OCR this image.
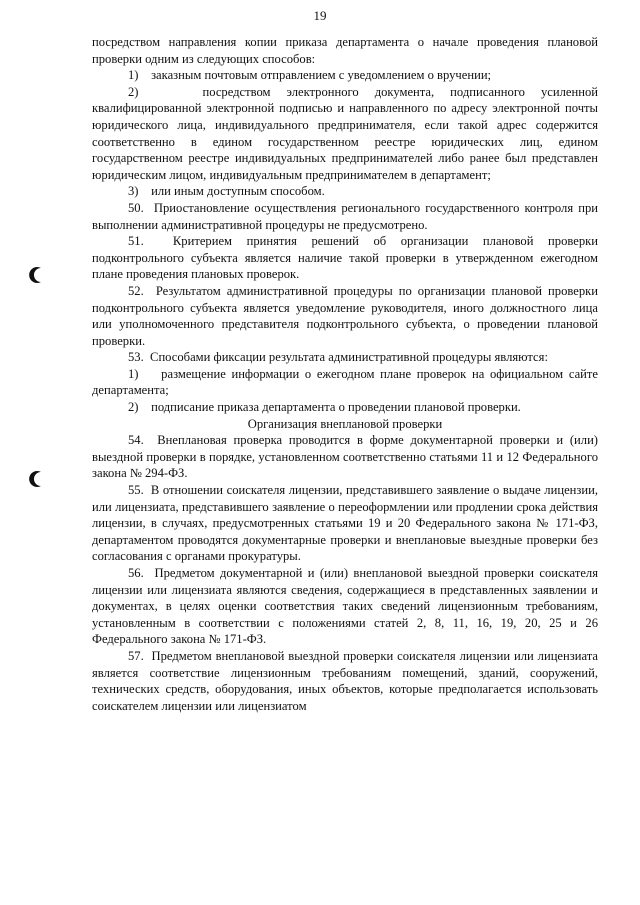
19

посредством направления копии приказа департамента о начале проведения плановой проверки одним из следующих способов:

1)    заказным почтовым отправлением с уведомлением о вручении;

2)    посредством электронного документа, подписанного усиленной квалифицированной электронной подписью и направленного по адресу электронной почты юридического лица, индивидуального предпринимателя, если такой адрес содержится соответственно в едином государственном реестре юридических лиц, едином государственном реестре индивидуальных предпринимателей либо ранее был представлен юридическим лицом, индивидуальным предпринимателем в департамент;

3)    или иным доступным способом.

50.  Приостановление осуществления регионального государственного контроля при выполнении административной процедуры не предусмотрено.

51.  Критерием принятия решений об организации плановой проверки подконтрольного субъекта является наличие такой проверки в утвержденном ежегодном плане проведения плановых проверок.

52.  Результатом административной процедуры по организации плановой проверки подконтрольного субъекта является уведомление руководителя, иного должностного лица или уполномоченного представителя подконтрольного субъекта, о проведении плановой проверки.

53.  Способами фиксации результата административной процедуры являются:

1)    размещение информации о ежегодном плане проверок на официальном сайте департамента;

2)    подписание приказа департамента о проведении плановой проверки.

Организация внеплановой проверки

54.  Внеплановая проверка проводится в форме документарной проверки и (или) выездной проверки в порядке, установленном соответственно статьями 11 и 12 Федерального закона № 294-ФЗ.

55.  В отношении соискателя лицензии, представившего заявление о выдаче лицензии, или лицензиата, представившего заявление о переоформлении или продлении срока действия лицензии, в случаях, предусмотренных статьями 19 и 20 Федерального закона № 171-ФЗ, департаментом проводятся документарные проверки и внеплановые выездные проверки без согласования с органами прокуратуры.

56.  Предметом документарной и (или) внеплановой выездной проверки соискателя лицензии или лицензиата являются сведения, содержащиеся в представленных заявлении и документах, в целях оценки соответствия таких сведений лицензионным требованиям, установленным в соответствии с положениями статей 2, 8, 11, 16, 19, 20, 25 и 26 Федерального закона № 171-ФЗ.

57.  Предметом внеплановой выездной проверки соискателя лицензии или лицензиата является соответствие лицензионным требованиям помещений, зданий, сооружений, технических средств, оборудования, иных объектов, которые предполагается использовать соискателем лицензии или лицензиатом
